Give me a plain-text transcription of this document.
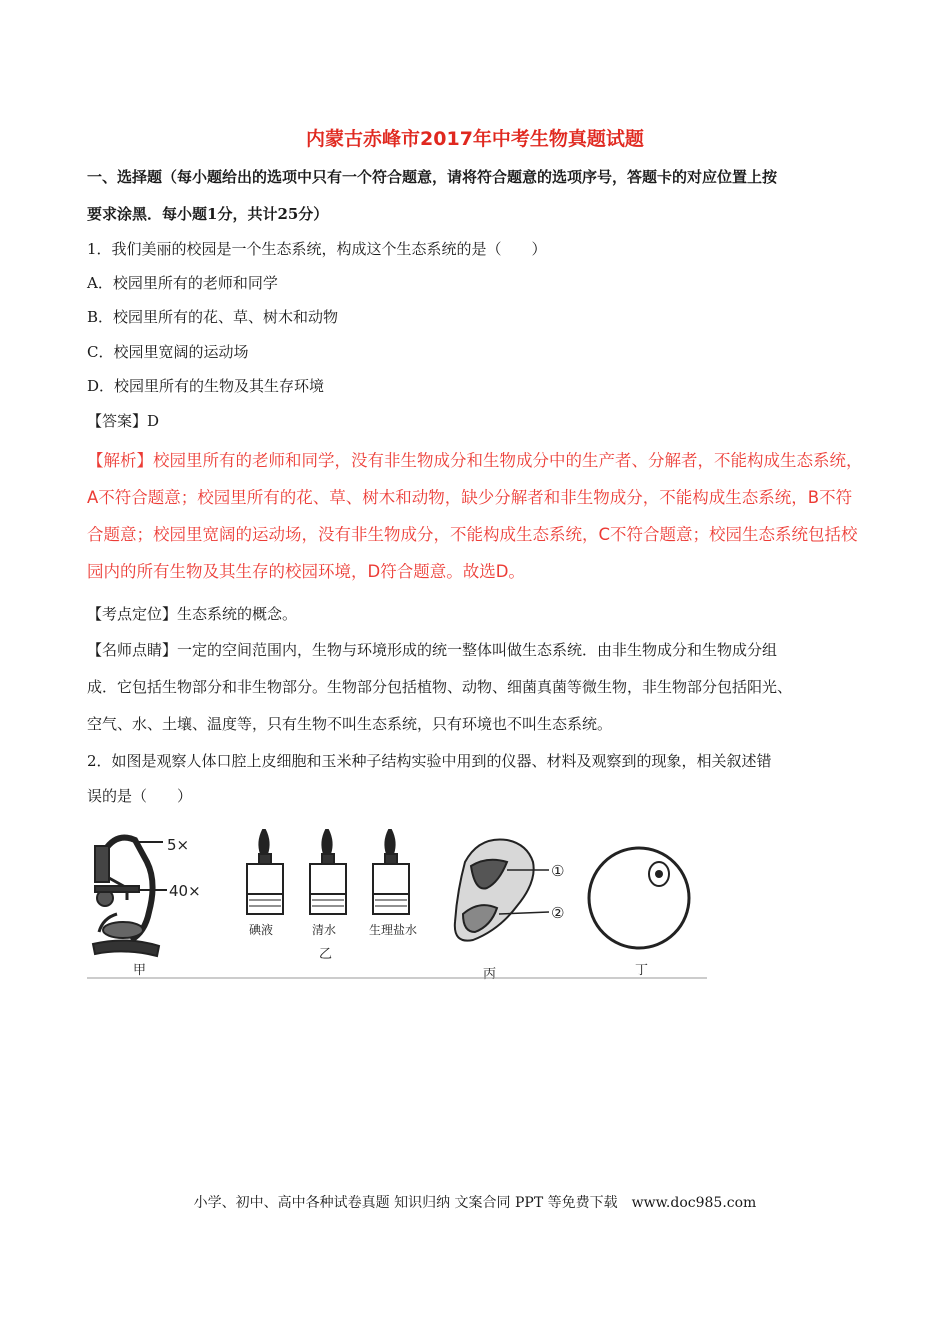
内蒙古赤峰市2017年中考生物真题试题
一、选择题（每小题给出的选项中只有一个符合题意，请将符合题意的选项序号，答题卡的对应位置上按
要求涂黑．每小题1分，共计25分）
1．我们美丽的校园是一个生态系统，构成这个生态系统的是（　　）
A．校园里所有的老师和同学
B．校园里所有的花、草、树木和动物
C．校园里宽阔的运动场
D．校园里所有的生物及其生存环境
【答案】D
【解析】校园里所有的老师和同学，没有非生物成分和生物成分中的生产者、分解者，不能构成生态系统，
A不符合题意；校园里所有的花、草、树木和动物，缺少分解者和非生物成分，不能构成生态系统，B不符
合题意；校园里宽阔的运动场，没有非生物成分，不能构成生态系统，C不符合题意；校园生态系统包括校
园内的所有生物及其生存的校园环境，D符合题意。故选D。
【考点定位】生态系统的概念。
【名师点睛】一定的空间范围内，生物与环境形成的统一整体叫做生态系统．由非生物成分和生物成分组
成．它包括生物部分和非生物部分。生物部分包括植物、动物、细菌真菌等微生物，非生物部分包括阳光、
空气、水、土壤、温度等，只有生物不叫生态系统，只有环境也不叫生态系统。
2．如图是观察人体口腔上皮细胞和玉米种子结构实验中用到的仪器、材料及观察到的现象，相关叙述错
误的是（　　）
5×
40×
碘液	清水	生理盐水
①
②
甲
乙
丙	丁
小学、初中、高中各种试卷真题 知识归纳 文案合同 PPT 等免费下载　www.doc985.com
